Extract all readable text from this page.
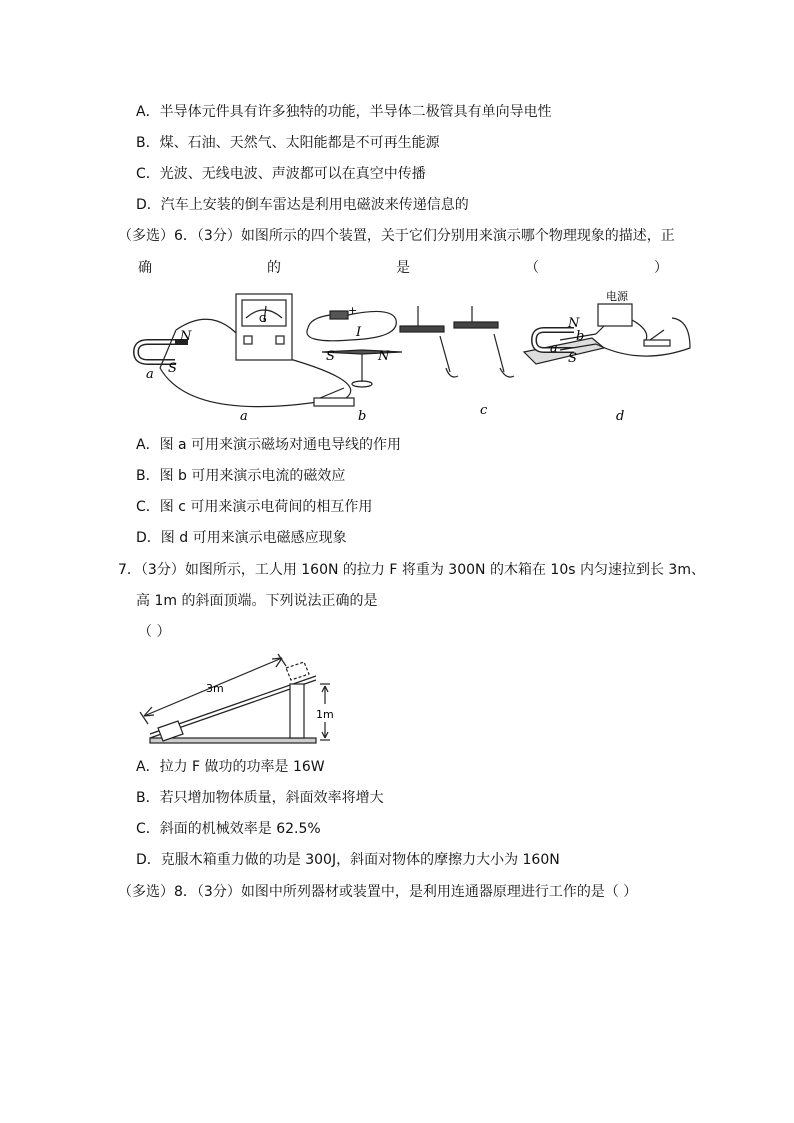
A．半导体元件具有许多独特的功能，半导体二极管具有单向导电性
B．煤、石油、天然气、太阳能都是不可再生能源
C．光波、无线电波、声波都可以在真空中传播
D．汽车上安装的倒车雷达是利用电磁波来传递信息的
（多选）6．（3分）如图所示的四个装置，关于它们分别用来演示哪个物理现象的描述，正
确	的	是	（	）
G
N
S
a
+
I
S	N
电源
N
S
b
a
a	b	c	d
A．图 a 可用来演示磁场对通电导线的作用
B．图 b 可用来演示电流的磁效应
C．图 c 可用来演示电荷间的相互作用
D．图 d 可用来演示电磁感应现象
7．（3分）如图所示，工人用 160N 的拉力 F 将重为 300N 的木箱在 10s 内匀速拉到长 3m、
高 1m 的斜面顶端。下列说法正确的是
（ ）
3m
1m
A．拉力 F 做功的功率是 16W
B．若只增加物体质量，斜面效率将增大
C．斜面的机械效率是 62.5%
D．克服木箱重力做的功是 300J，斜面对物体的摩擦力大小为 160N
（多选）8．（3分）如图中所列器材或装置中，是利用连通器原理进行工作的是（ ）
